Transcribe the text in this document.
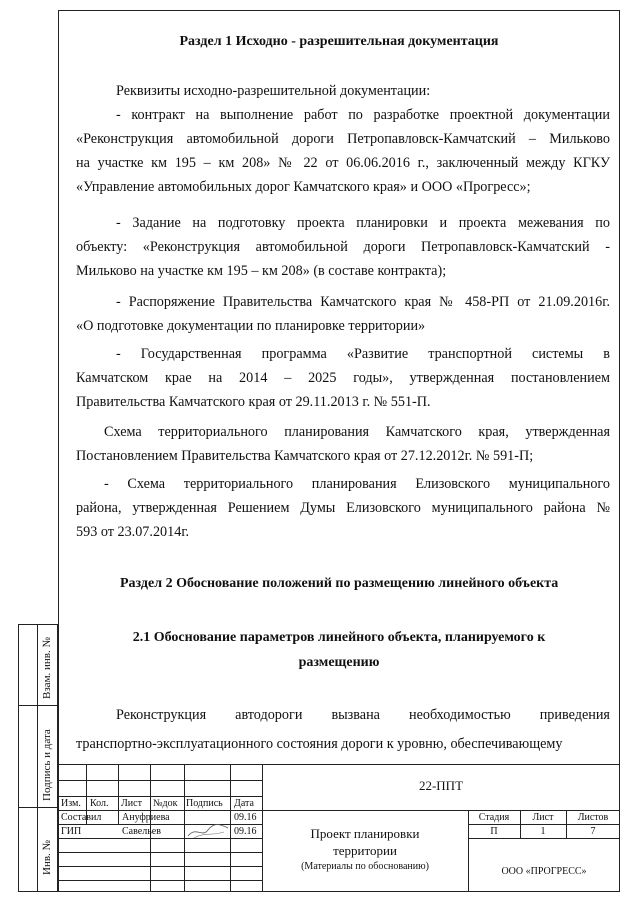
Раздел 1 Исходно - разрешительная документация

Реквизиты исходно-разрешительной документации:

- контракт на выполнение работ по разработке проектной документации
«Реконструкция автомобильной дороги Петропавловск-Камчатский – Мильково
на участке км 195 – км 208» № 22 от 06.06.2016 г., заключенный между КГКУ
«Управление автомобильных дорог Камчатского края» и ООО «Прогресс»;
- Задание на подготовку проекта планировки и проекта межевания по
объекту: «Реконструкция автомобильной дороги Петропавловск-Камчатский -
Мильково на участке км 195 – км 208» (в составе контракта);
- Распоряжение Правительства Камчатского края № 458-РП от 21.09.2016г.
«О подготовке документации по планировке территории»
- Государственная программа «Развитие транспортной системы в
Камчатском крае на 2014 – 2025 годы», утвержденная постановлением
Правительства Камчатского края от 29.11.2013 г. № 551-П.
Схема территориального планирования Камчатского края, утвержденная
Постановлением Правительства Камчатского края от 27.12.2012г. № 591-П;
- Схема территориального планирования Елизовского муниципального
района, утвержденная Решением Думы Елизовского муниципального района №
593 от 23.07.2014г.
Раздел 2 Обоснование положений по размещению линейного объекта
2.1 Обоснование параметров линейного объекта, планируемого к
размещению
Реконструкция автодороги вызвана необходимостью приведения

транспортно-эксплуатационного состояния дороги к уровню, обеспечивающему

Взам. инв. №
Подпись и дата
Инв. №
Изм. Кол. Лист №док Подпись Дата
Составил Ануфриева	09.16
ГИП	Савельев	09.16
22-ППТ
Проект планировки
территории
(Материалы по обоснованию)
Стадия	Лист	Листов
П	1	7
ООО «ПРОГРЕСС»
